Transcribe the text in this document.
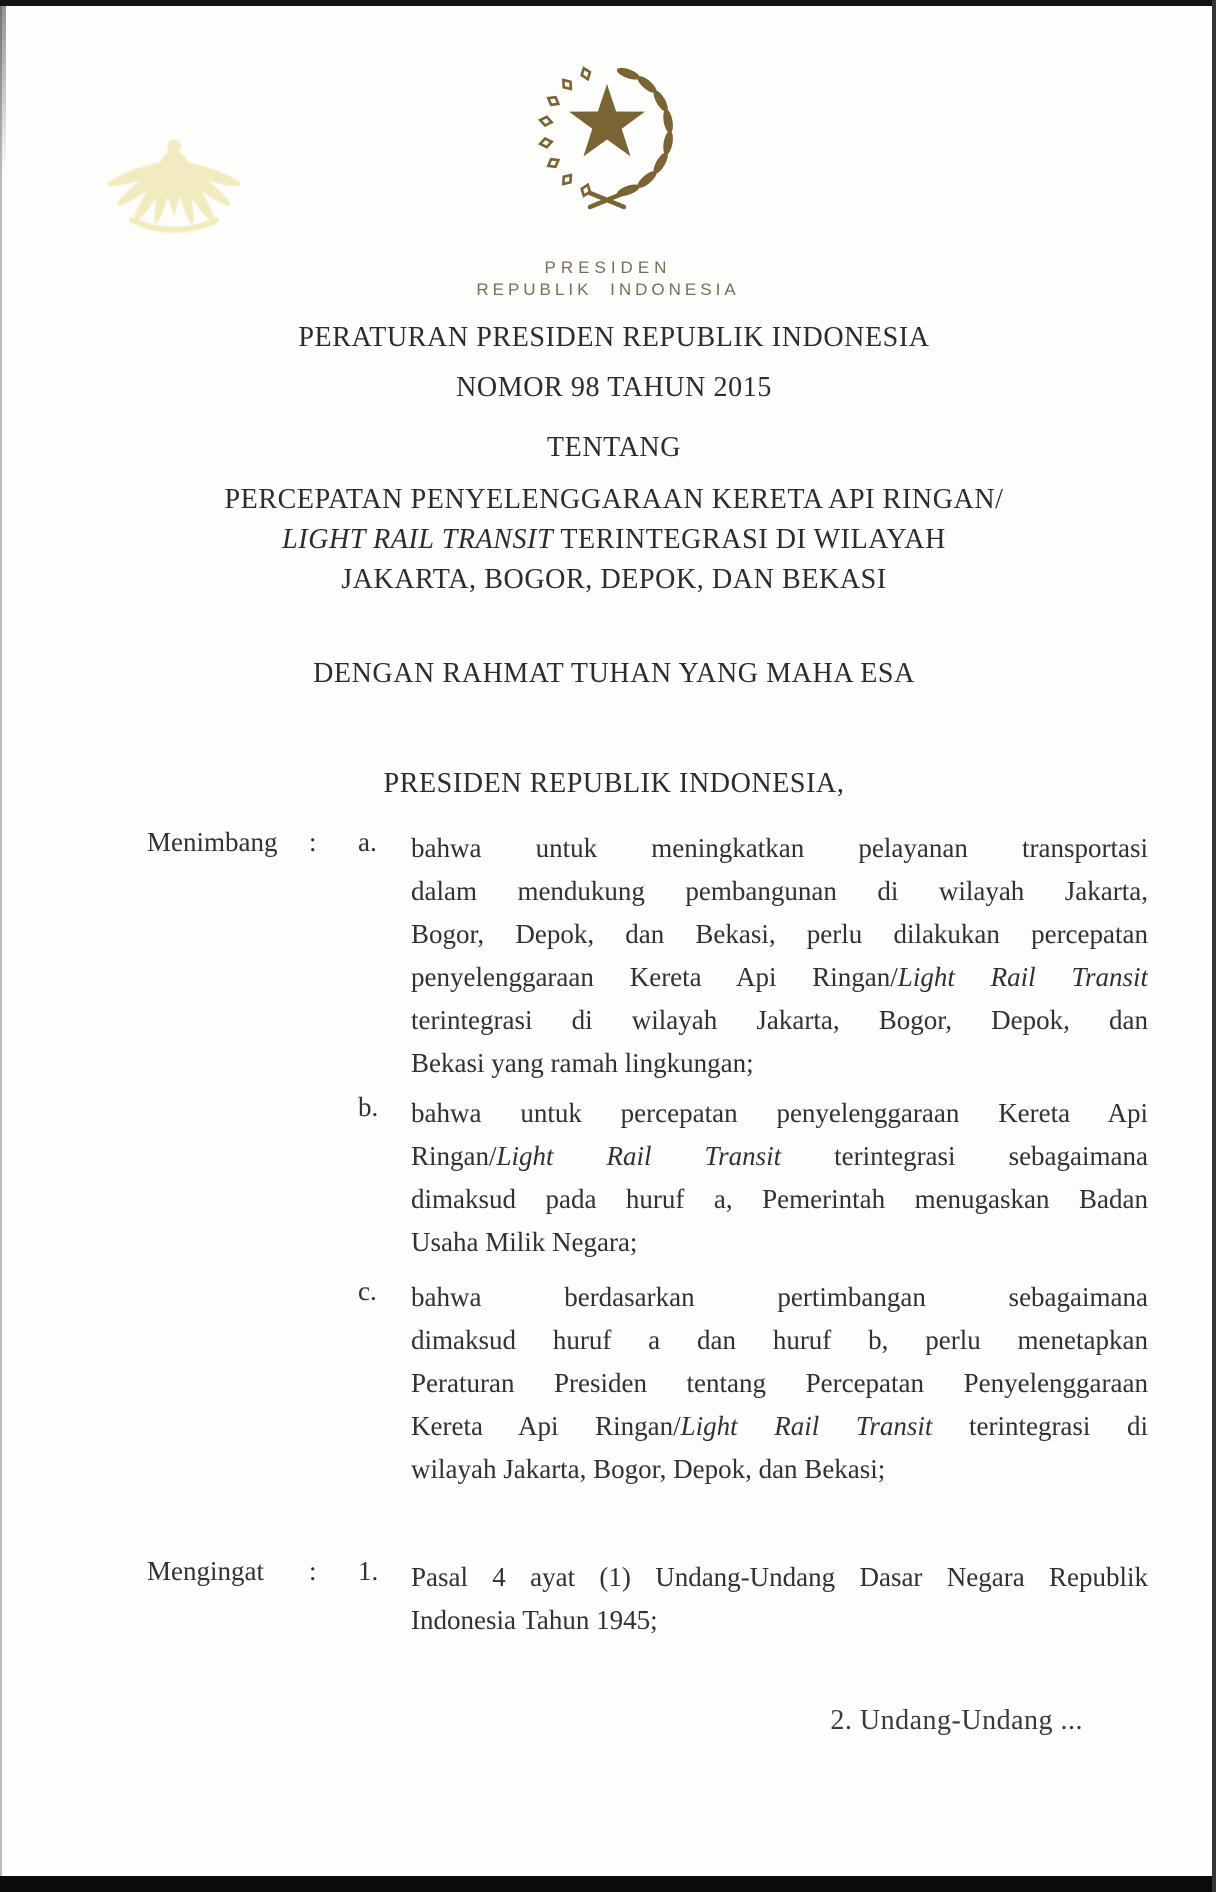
PRESIDEN
REPUBLIK INDONESIA
PERATURAN PRESIDEN REPUBLIK INDONESIA
NOMOR 98 TAHUN 2015
TENTANG
PERCEPATAN PENYELENGGARAAN KERETA API RINGAN/
LIGHT RAIL TRANSIT TERINTEGRASI DI WILAYAH
JAKARTA, BOGOR, DEPOK, DAN BEKASI
DENGAN RAHMAT TUHAN YANG MAHA ESA
PRESIDEN REPUBLIK INDONESIA,
Menimbang : a. bahwa untuk meningkatkan pelayanan transportasi
dalam mendukung pembangunan di wilayah Jakarta,
Bogor, Depok, dan Bekasi, perlu dilakukan percepatan
penyelenggaraan Kereta Api Ringan/Light Rail Transit
terintegrasi di wilayah Jakarta, Bogor, Depok, dan
Bekasi yang ramah lingkungan;
b. bahwa untuk percepatan penyelenggaraan Kereta Api
Ringan/Light Rail Transit terintegrasi sebagaimana
dimaksud pada huruf a, Pemerintah menugaskan Badan
Usaha Milik Negara;
c. bahwa berdasarkan pertimbangan sebagaimana
dimaksud huruf a dan huruf b, perlu menetapkan
Peraturan Presiden tentang Percepatan Penyelenggaraan
Kereta Api Ringan/Light Rail Transit terintegrasi di
wilayah Jakarta, Bogor, Depok, dan Bekasi;
Mengingat : 1. Pasal 4 ayat (1) Undang-Undang Dasar Negara Republik
Indonesia Tahun 1945;
2. Undang-Undang ...
